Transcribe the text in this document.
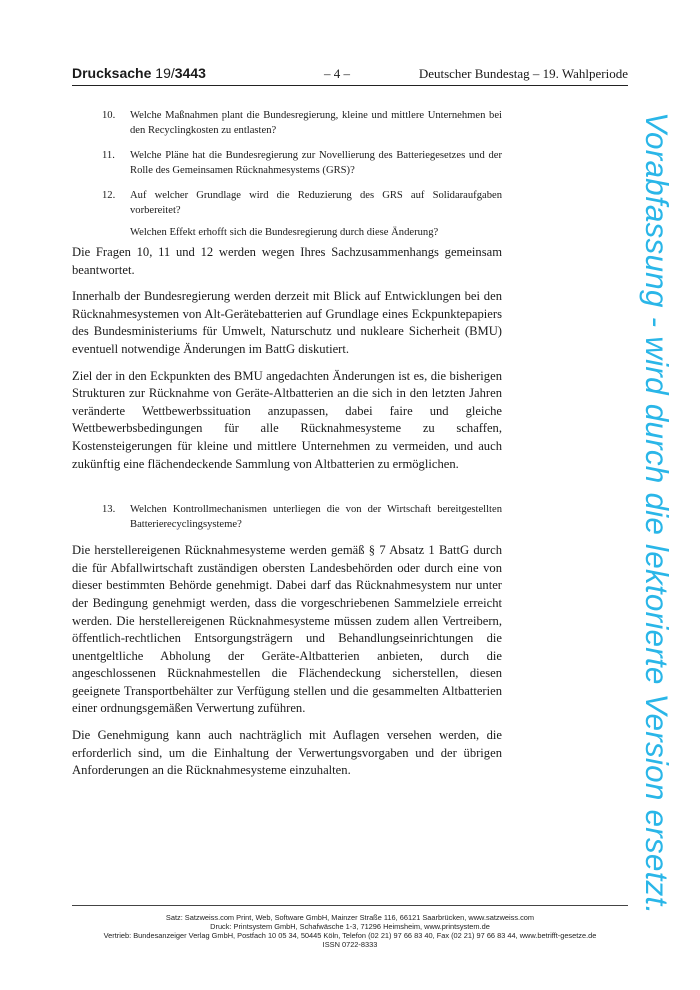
Drucksache 19/3443	– 4 –	Deutscher Bundestag – 19. Wahlperiode
10. Welche Maßnahmen plant die Bundesregierung, kleine und mittlere Unternehmen bei den Recyclingkosten zu entlasten?
11. Welche Pläne hat die Bundesregierung zur Novellierung des Batteriegesetzes und der Rolle des Gemeinsamen Rücknahmesystems (GRS)?
12. Auf welcher Grundlage wird die Reduzierung des GRS auf Solidaraufgaben vorbereitet?
Welchen Effekt erhofft sich die Bundesregierung durch diese Änderung?

Die Fragen 10, 11 und 12 werden wegen Ihres Sachzusammenhangs gemeinsam beantwortet.

Innerhalb der Bundesregierung werden derzeit mit Blick auf Entwicklungen bei den Rücknahmesystemen von Alt-Gerätebatterien auf Grundlage eines Eckpunktepapiers des Bundesministeriums für Umwelt, Naturschutz und nukleare Sicherheit (BMU) eventuell notwendige Änderungen im BattG diskutiert.

Ziel der in den Eckpunkten des BMU angedachten Änderungen ist es, die bisherigen Strukturen zur Rücknahme von Geräte-Altbatterien an die sich in den letzten Jahren veränderte Wettbewerbssituation anzupassen, dabei faire und gleiche Wettbewerbsbedingungen für alle Rücknahmesysteme zu schaffen, Kostensteigerungen für kleine und mittlere Unternehmen zu vermeiden, und auch zukünftig eine flächendeckende Sammlung von Altbatterien zu ermöglichen.

13. Welchen Kontrollmechanismen unterliegen die von der Wirtschaft bereitgestellten Batterierecyclingsysteme?

Die herstellereigenen Rücknahmesysteme werden gemäß § 7 Absatz 1 BattG durch die für Abfallwirtschaft zuständigen obersten Landesbehörden oder durch eine von dieser bestimmten Behörde genehmigt. Dabei darf das Rücknahmesystem nur unter der Bedingung genehmigt werden, dass die vorgeschriebenen Sammelziele erreicht werden. Die herstellereigenen Rücknahmesysteme müssen zudem allen Vertreibern, öffentlich-rechtlichen Entsorgungsträgern und Behandlungseinrichtungen die unentgeltliche Abholung der Geräte-Altbatterien anbieten, durch die angeschlossenen Rücknahmestellen die Flächendeckung sicherstellen, diesen geeignete Transportbehälter zur Verfügung stellen und die gesammelten Altbatterien einer ordnungsgemäßen Verwertung zuführen.

Die Genehmigung kann auch nachträglich mit Auflagen versehen werden, die erforderlich sind, um die Einhaltung der Verwertungsvorgaben und der übrigen Anforderungen an die Rücknahmesysteme einzuhalten.	Vorabfassung - wird durch die lektorierte Version ersetzt.
Satz: Satzweiss.com Print, Web, Software GmbH, Mainzer Straße 116, 66121 Saarbrücken, www.satzweiss.com
Druck: Printsystem GmbH, Schafwäsche 1-3, 71296 Heimsheim, www.printsystem.de
Vertrieb: Bundesanzeiger Verlag GmbH, Postfach 10 05 34, 50445 Köln, Telefon (02 21) 97 66 83 40, Fax (02 21) 97 66 83 44, www.betrifft-gesetze.de
ISSN 0722-8333
